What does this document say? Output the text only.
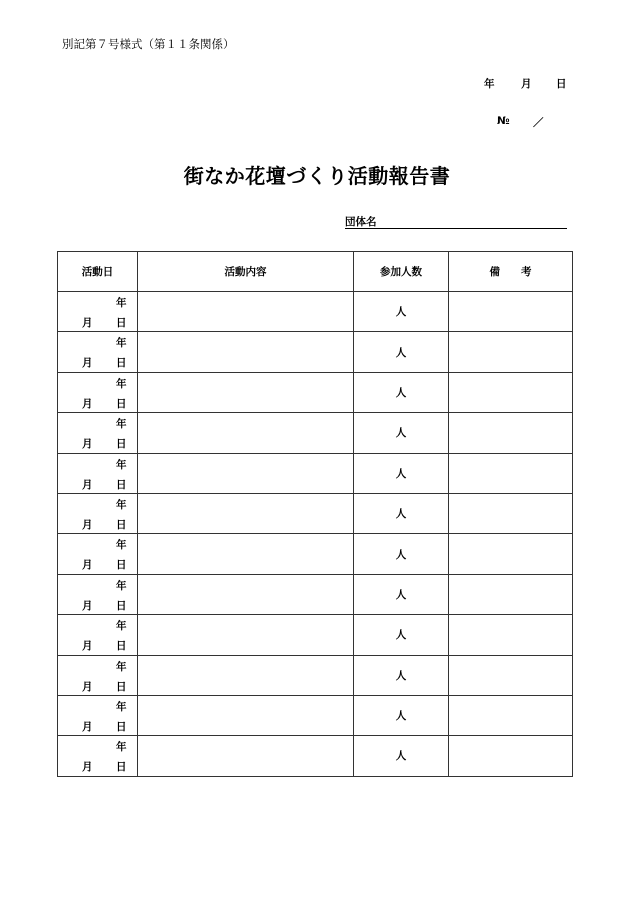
別記第７号様式（第１１条関係）
年	月 日
№ ／
街なか花壇づくり活動報告書
団体名
活動日	活動内容	参加人数	備　　考

年
月 日		人	

年
月 日		人	

年
月 日		人	

年
月 日		人	

年
月 日		人	

年
月 日		人	

年
月 日		人	

年
月 日		人	

年
月 日		人	

年
月 日		人	

年
月 日		人	

年
月 日		人	
